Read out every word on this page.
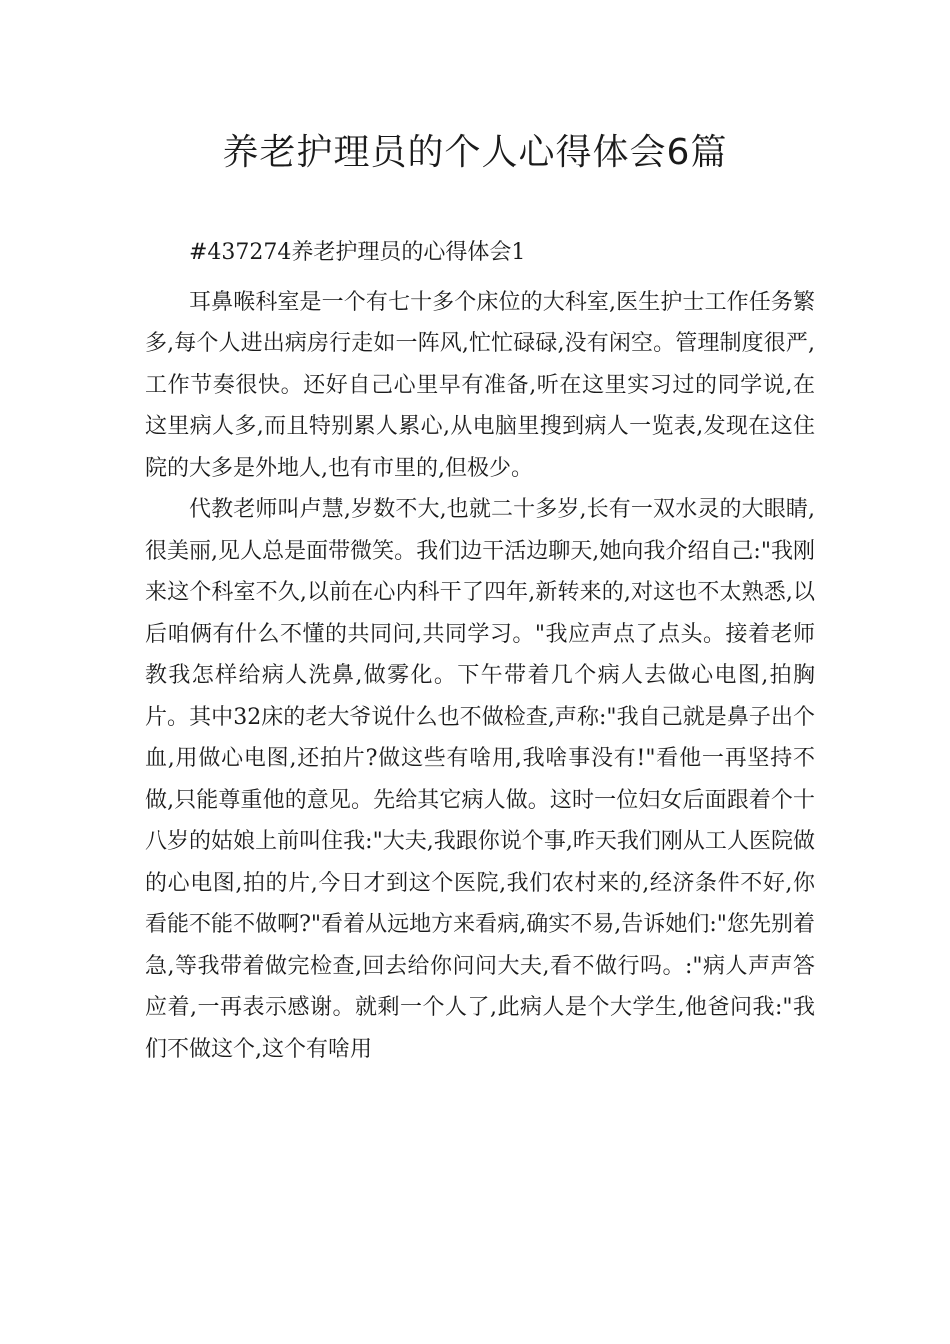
养老护理员的个人心得体会6篇

#437274养老护理员的心得体会1

耳鼻喉科室是一个有七十多个床位的大科室,医生护士工作任务繁多,每个人进出病房行走如一阵风,忙忙碌碌,没有闲空。管理制度很严,工作节奏很快。还好自己心里早有准备,听在这里实习过的同学说,在这里病人多,而且特别累人累心,从电脑里搜到病人一览表,发现在这住院的大多是外地人,也有市里的,但极少。

代教老师叫卢慧,岁数不大,也就二十多岁,长有一双水灵的大眼睛,很美丽,见人总是面带微笑。我们边干活边聊天,她向我介绍自己:"我刚来这个科室不久,以前在心内科干了四年,新转来的,对这也不太熟悉,以后咱俩有什么不懂的共同问,共同学习。"我应声点了点头。接着老师教我怎样给病人洗鼻,做雾化。下午带着几个病人去做心电图,拍胸片。其中32床的老大爷说什么也不做检查,声称:"我自己就是鼻子出个血,用做心电图,还拍片?做这些有啥用,我啥事没有!"看他一再坚持不做,只能尊重他的意见。先给其它病人做。这时一位妇女后面跟着个十八岁的姑娘上前叫住我:"大夫,我跟你说个事,昨天我们刚从工人医院做的心电图,拍的片,今日才到这个医院,我们农村来的,经济条件不好,你看能不能不做啊?"看着从远地方来看病,确实不易,告诉她们:"您先别着急,等我带着做完检查,回去给你问问大夫,看不做行吗。:"病人声声答应着,一再表示感谢。就剩一个人了,此病人是个大学生,他爸问我:"我们不做这个,这个有啥用
